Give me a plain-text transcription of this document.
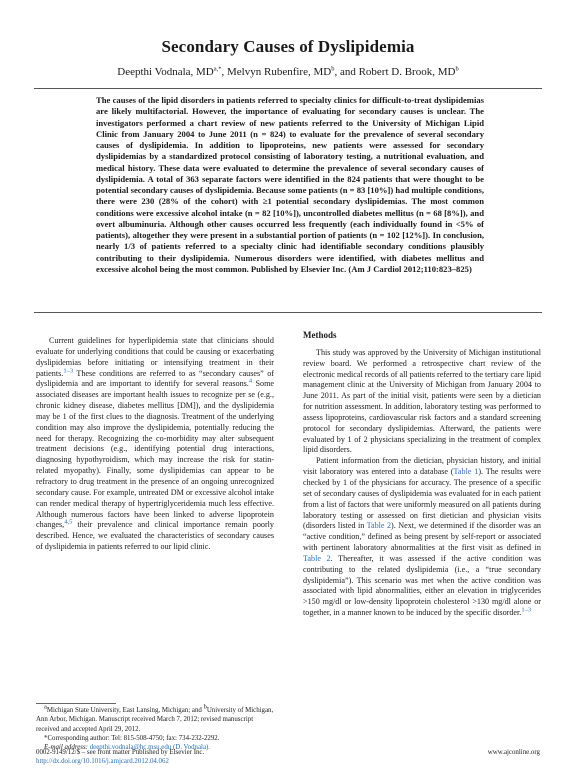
Secondary Causes of Dyslipidemia
Deepthi Vodnala, $MD^{a,*}$, Melvyn Rubenfire, $MD^b$, and Robert D. Brook, $MD^b$
The causes of the lipid disorders in patients referred to specialty clinics for difficult-to-treat dyslipidemias are likely multifactorial. However, the importance of evaluating for secondary causes is unclear. The investigators performed a chart review of new patients referred to the University of Michigan Lipid Clinic from January 2004 to June 2011 (n = 824) to evaluate for the prevalence of several secondary causes of dyslipidemia. In addition to lipoproteins, new patients were assessed for secondary dyslipidemias by a standardized protocol consisting of laboratory testing, a nutritional evaluation, and medical history. These data were evaluated to determine the prevalence of several secondary causes of dyslipidemia. A total of 363 separate factors were identified in the 824 patients that were thought to be potential secondary causes of dyslipidemia. Because some patients (n = 83 [10%]) had multiple conditions, there were 230 (28% of the cohort) with ≥1 potential secondary dyslipidemias. The most common conditions were excessive alcohol intake (n = 82 [10%]), uncontrolled diabetes mellitus (n = 68 [8%]), and overt albuminuria. Although other causes occurred less frequently (each individually found in <5% of patients), altogether they were present in a substantial portion of patients (n = 102 [12%]). In conclusion, nearly 1/3 of patients referred to a specialty clinic had identifiable secondary conditions plausibly contributing to their dyslipidemia. Numerous disorders were identified, with diabetes mellitus and excessive alcohol being the most common. Published by Elsevier Inc. (Am J Cardiol 2012;110:823–825)

Current guidelines for hyperlipidemia state that clinicians should evaluate for underlying conditions that could be causing or exacerbating dyslipidemias before initiating or intensifying treatment in their patients.$^{1-3}$ These conditions are referred to as “secondary causes” of dyslipidemia and are important to identify for several reasons.$^4$ Some associated diseases are important health issues to recognize per se (e.g., chronic kidney disease, diabetes mellitus [DM]), and the dyslipidemia may be 1 of the first clues to the diagnosis. Treatment of the underlying condition may also improve the dyslipidemia, potentially reducing the need for therapy. Recognizing the co-morbidity may alter subsequent treatment decisions (e.g., identifying potential drug interactions, diagnosing hypothyroidism, which may increase the risk for statin-related myopathy). Finally, some dyslipidemias can appear to be refractory to drug treatment in the presence of an ongoing unrecognized secondary cause. For example, untreated DM or excessive alcohol intake can render medical therapy of hypertriglyceridemia much less effective. Although numerous factors have been linked to adverse lipoprotein changes,$^{4,5}$ their prevalence and clinical importance remain poorly described. Hence, we evaluated the characteristics of secondary causes of dyslipidemia in patients referred to our lipid clinic.

Methods

This study was approved by the University of Michigan institutional review board. We performed a retrospective chart review of the electronic medical records of all patients referred to the tertiary care lipid management clinic at the University of Michigan from January 2004 to June 2011. As part of the initial visit, patients were seen by a dietician for nutrition assessment. In addition, laboratory testing was performed to assess lipoproteins, cardiovascular risk factors and a standard screening protocol for secondary dyslipidemias. Afterward, the patients were evaluated by 1 of 2 physicians specializing in the treatment of complex lipid disorders.

Patient information from the dietician, physician history, and initial visit laboratory was entered into a database (Table 1). The results were checked by 1 of the physicians for accuracy. The presence of a specific set of secondary causes of dyslipidemia was evaluated for in each patient from a list of factors that were uniformly measured on all patients during laboratory testing or assessed on first dietician and physician visits (disorders listed in Table 2). Next, we determined if the disorder was an “active condition,” defined as being present by self-report or associated with pertinent laboratory abnormalities at the first visit as defined in Table 2. Thereafter, it was assessed if the active condition was contributing to the related dyslipidemia (i.e., a “true secondary dyslipidemia”). This scenario was met when the active condition was associated with lipid abnormalities, either an elevation in triglycerides >150 mg/dl or low-density lipoprotein cholesterol >130 mg/dl alone or together, in a manner known to be induced by the specific disorder.$^{1-3}$

$^a$Michigan State University, East Lansing, Michigan; and $^b$University of Michigan, Ann Arbor, Michigan. Manuscript received March 7, 2012; revised manuscript received and accepted April 29, 2012.
*Corresponding author: Tel: 815-508-4750; fax: 734-232-2292.
E-mail address: deepthi.vodnala@hc.msu.edu (D. Vodnala).
0002-9149/12/$ – see front matter Published by Elsevier Inc.
http://dx.doi.org/10.1016/j.amjcard.2012.04.062
www.ajconline.org
